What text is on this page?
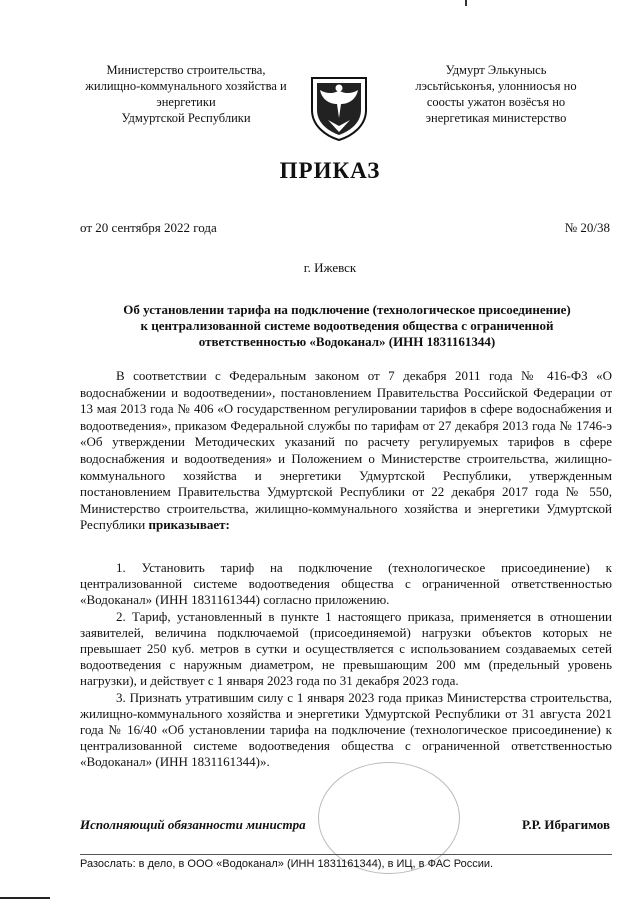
Министерство строительства,
жилищно-коммунального хозяйства и
энергетики
Удмуртской Республики
Удмурт Элькунысь
лэсьтӥськонъя, улонниосъя но
сооcты ужатон возёсъя но
энергетикая министерство
ПРИКАЗ
от 20 сентября 2022 года	№ 20/38
г. Ижевск
Об установлении тарифа на подключение (технологическое присоединение)
к централизованной системе водоотведения общества с ограниченной
ответственностью «Водоканал» (ИНН 1831161344)
В соответствии с Федеральным законом от 7 декабря 2011 года № 416-ФЗ «О водоснабжении и водоотведении», постановлением Правительства Российской Федерации от 13 мая 2013 года № 406 «О государственном регулировании тарифов в сфере водоснабжения и водоотведения», приказом Федеральной службы по тарифам от 27 декабря 2013 года № 1746-э «Об утверждении Методических указаний по расчету регулируемых тарифов в сфере водоснабжения и водоотведения» и Положением о Министерстве строительства, жилищно-коммунального хозяйства и энергетики Удмуртской Республики, утвержденным постановлением Правительства Удмуртской Республики от 22 декабря 2017 года № 550, Министерство строительства, жилищно-коммунального хозяйства и энергетики Удмуртской Республики приказывает:

1. Установить тариф на подключение (технологическое присоединение) к централизованной системе водоотведения общества с ограниченной ответственностью «Водоканал» (ИНН 1831161344) согласно приложению.

2. Тариф, установленный в пункте 1 настоящего приказа, применяется в отношении заявителей, величина подключаемой (присоединяемой) нагрузки объектов которых не превышает 250 куб. метров в сутки и осуществляется с использованием создаваемых сетей водоотведения с наружным диаметром, не превышающим 200 мм (предельный уровень нагрузки), и действует с 1 января 2023 года по 31 декабря 2023 года.

3. Признать утратившим силу с 1 января 2023 года приказ Министерства строительства, жилищно-коммунального хозяйства и энергетики Удмуртской Республики от 31 августа 2021 года № 16/40 «Об установлении тарифа на подключение (технологическое присоединение) к централизованной системе водоотведения общества с ограниченной ответственностью «Водоканал» (ИНН 1831161344)».

Исполняющий обязанности министра	Р.Р. Ибрагимов
Разослать: в дело, в ООО «Водоканал» (ИНН 1831161344), в ИЦ, в ФАС России.
